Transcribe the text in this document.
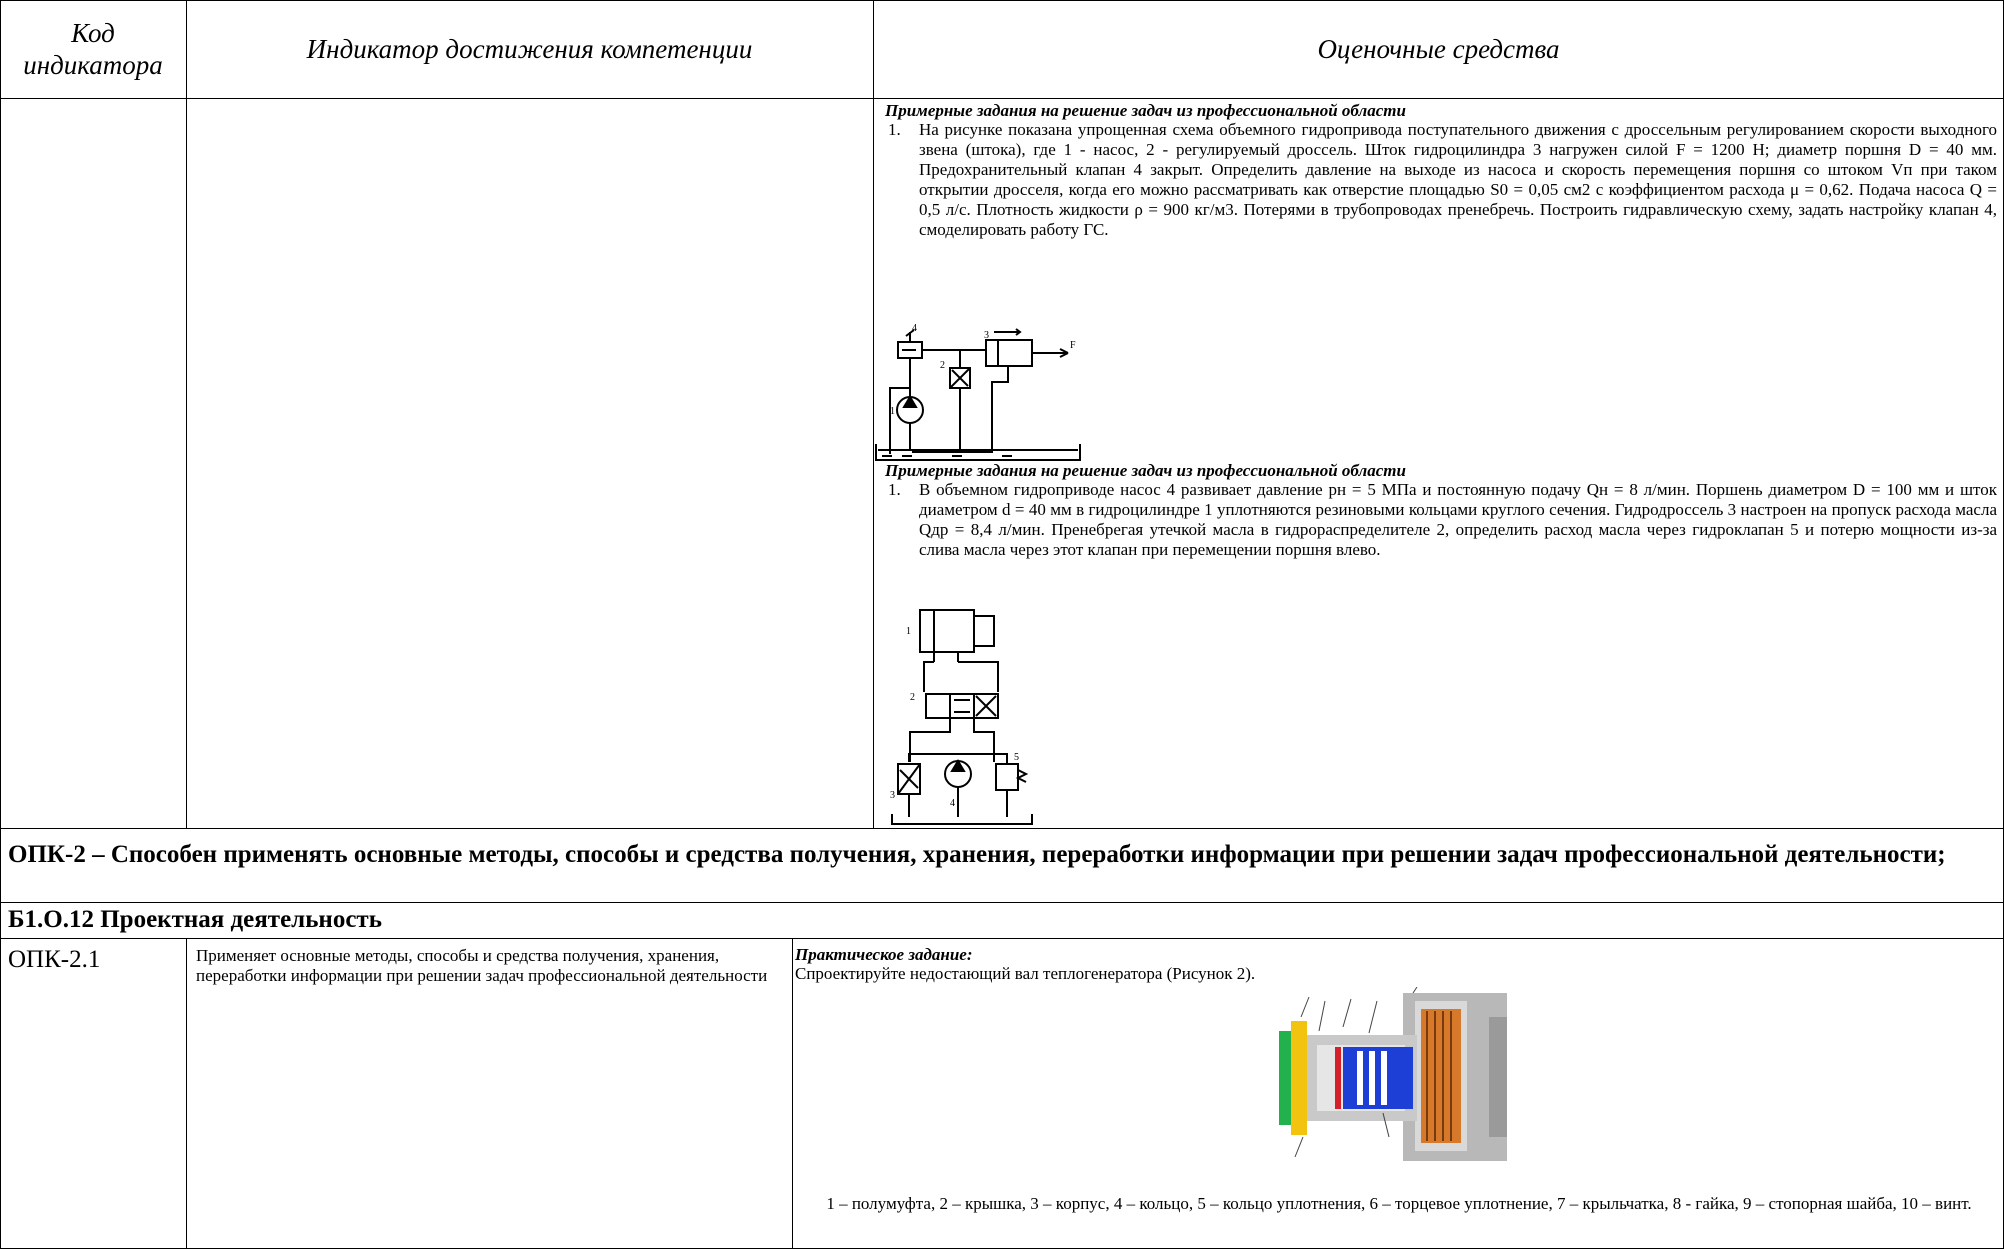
Код индикатора
Индикатор достижения компетенции	Оценочные средства
Примерные задания на решение задач из профессиональной области
1. На рисунке показана упрощенная схема объемного гидропривода поступательного движения с дроссельным регулированием скорости выходного звена (штока), где 1 - насос, 2 - регулируемый дроссель. Шток гидроцилиндра 3 нагружен силой F = 1200 Н; диаметр поршня D = 40 мм. Предохранительный клапан 4 закрыт. Определить давление на выходе из насоса и скорость перемещения поршня со штоком Vп при таком открытии дросселя, когда его можно рассматривать как отверстие площадью S0 = 0,05 см2 с коэффициентом расхода μ = 0,62. Подача насоса Q = 0,5 л/с. Плотность жидкости ρ = 900 кг/м3. Потерями в трубопроводах пренебречь. Построить гидравлическую схему, задать настройку клапан 4, смоделировать работу ГС.
4
3
2
1
F
Примерные задания на решение задач из профессиональной области
1. В объемном гидроприводе насос 4 развивает давление pн = 5 МПа и постоянную подачу Qн = 8 л/мин. Поршень диаметром D = 100 мм и шток диаметром d = 40 мм в гидроцилиндре 1 уплотняются резиновыми кольцами круглого сечения. Гидродроссель 3 настроен на пропуск расхода масла Qдр = 8,4 л/мин. Пренебрегая утечкой масла в гидрораспределителе 2, определить расход масла через гидроклапан 5 и потерю мощности из-за слива масла через этот клапан при перемещении поршня влево.
1
2
3
4
5
ОПК-2 – Способен применять основные методы, способы и средства получения, хранения, переработки информации при решении задач профессиональной деятельности;
Б1.О.12 Проектная деятельность
ОПК-2.1	Применяет основные методы, способы и средства получения, хранения, переработки информации при решении задач профессиональной деятельности
Практическое задание:
Спроектируйте недостающий вал теплогенератора (Рисунок 2).
1 – полумуфта, 2 – крышка, 3 – корпус, 4 – кольцо, 5 – кольцо уплотнения, 6 – торцевое уплотнение, 7 – крыльчатка, 8 - гайка, 9 – стопорная шайба, 10 – винт.
